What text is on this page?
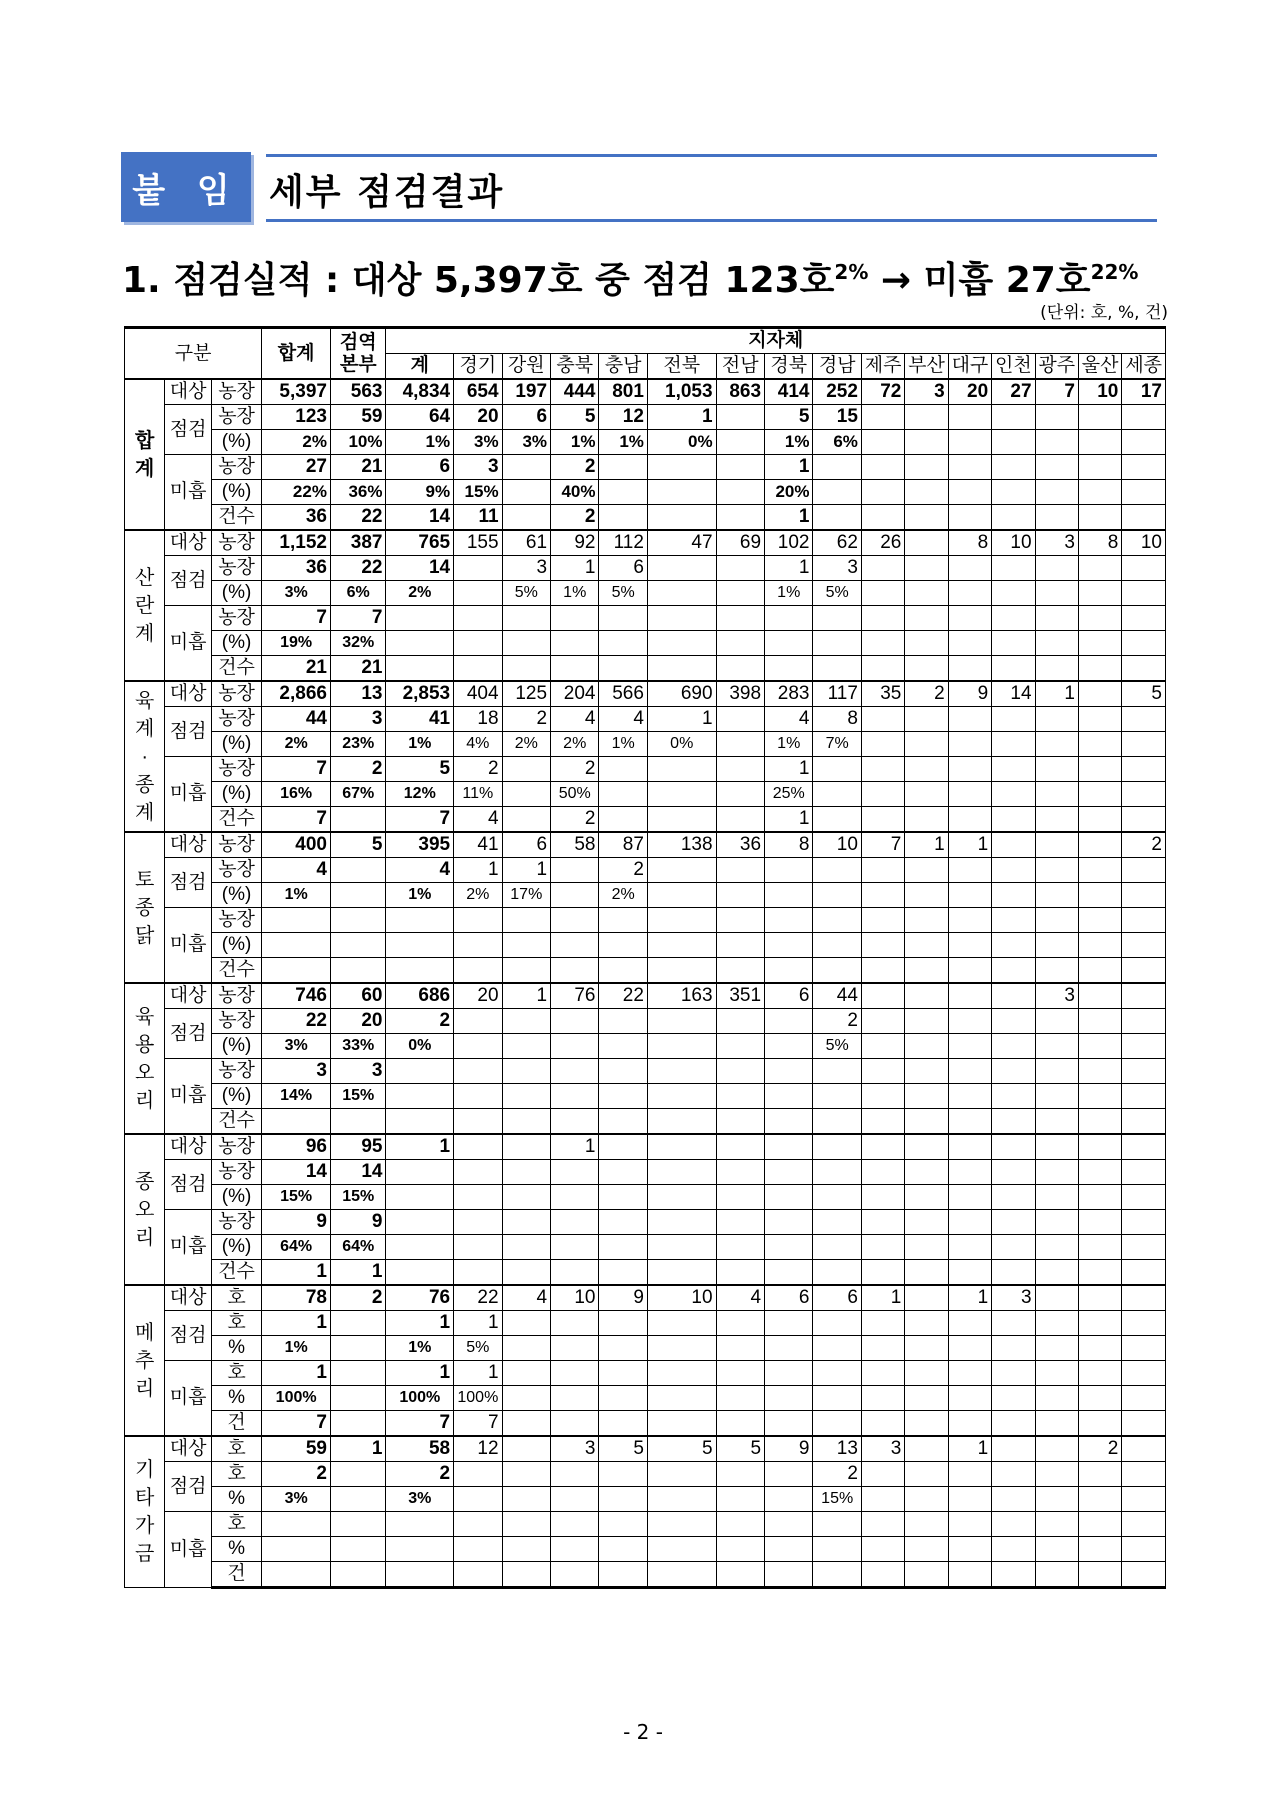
붙 임 세부 점검결과
1. 점검실적 : 대상 5,397호 중 점검 123호$^{2\%}$ → 미흡 27호$^{22\%}$
(단위: 호, %, 건)
구분			합계	검역 본부	지자체															
					계	경기	강원	충북	충남	전북	전남	경북	경남	제주	부산	대구	인천	광주	울산	세종
합계	대상	농장	5,397	563	4,834	654	197	444	801	1,053	863	414	252	72	3	20	27	7	10	17
	점검	농장	123	59	64	20	6	5	12	1		5	15							
		(%)	2%	10%	1%	3%	3%	1%	1%	0%		1%	6%							
	미흡	농장	27	21	6	3		2				1								
		(%)	22%	36%	9%	15%		40%				20%								
		건수	36	22	14	11		2				1								
산
란
계	대상	농장	1,152	387	765	155	61	92	112	47	69	102	62	26		8	10	3	8	10
	점검	농장	36	22	14		3	1	6			1	3							
		(%)	3%	6%	2%		5%	1%	5%			1%	5%							
	미흡	농장	7	7																
		(%)	19%	32%																
		건수	21	21																
육
계
·
종
계	대상	농장	2,866	13	2,853	404	125	204	566	690	398	283	117	35	2	9	14	1		5
	점검	농장	44	3	41	18	2	4	4	1		4	8							
		(%)	2%	23%	1%	4%	2%	2%	1%	0%		1%	7%							
	미흡	농장	7	2	5	2		2				1								
		(%)	16%	67%	12%	11%		50%				25%								
		건수	7		7	4		2				1								
토
종
닭	대상	농장	400	5	395	41	6	58	87	138	36	8	10	7	1	1				2
	점검	농장	4		4	1	1		2											
		(%)	1%		1%	2%	17%		2%											
	미흡	농장																		
		(%)																		
		건수																		
육
용
오
리	대상	농장	746	60	686	20	1	76	22	163	351	6	44					3		
	점검	농장	22	20	2								2							
		(%)	3%	33%	0%								5%							
	미흡	농장	3	3																
		(%)	14%	15%																
		건수																		
종
오
리	대상	농장	96	95	1			1												
	점검	농장	14	14																
		(%)	15%	15%																
	미흡	농장	9	9																
		(%)	64%	64%																
		건수	1	1																
메
추
리	대상	호	78	2	76	22	4	10	9	10	4	6	6	1		1	3			
	점검	호	1		1	1														
		%	1%		1%	5%														
	미흡	호	1		1	1														
		%	100%		100%	100%														
		건	7		7	7														
기
타
가
금	대상	호	59	1	58	12		3	5	5	5	9	13	3		1			2	
	점검	호	2		2								2							
		%	3%		3%								15%							
	미흡	호																		
		%																		
		건																		
- 2 -
